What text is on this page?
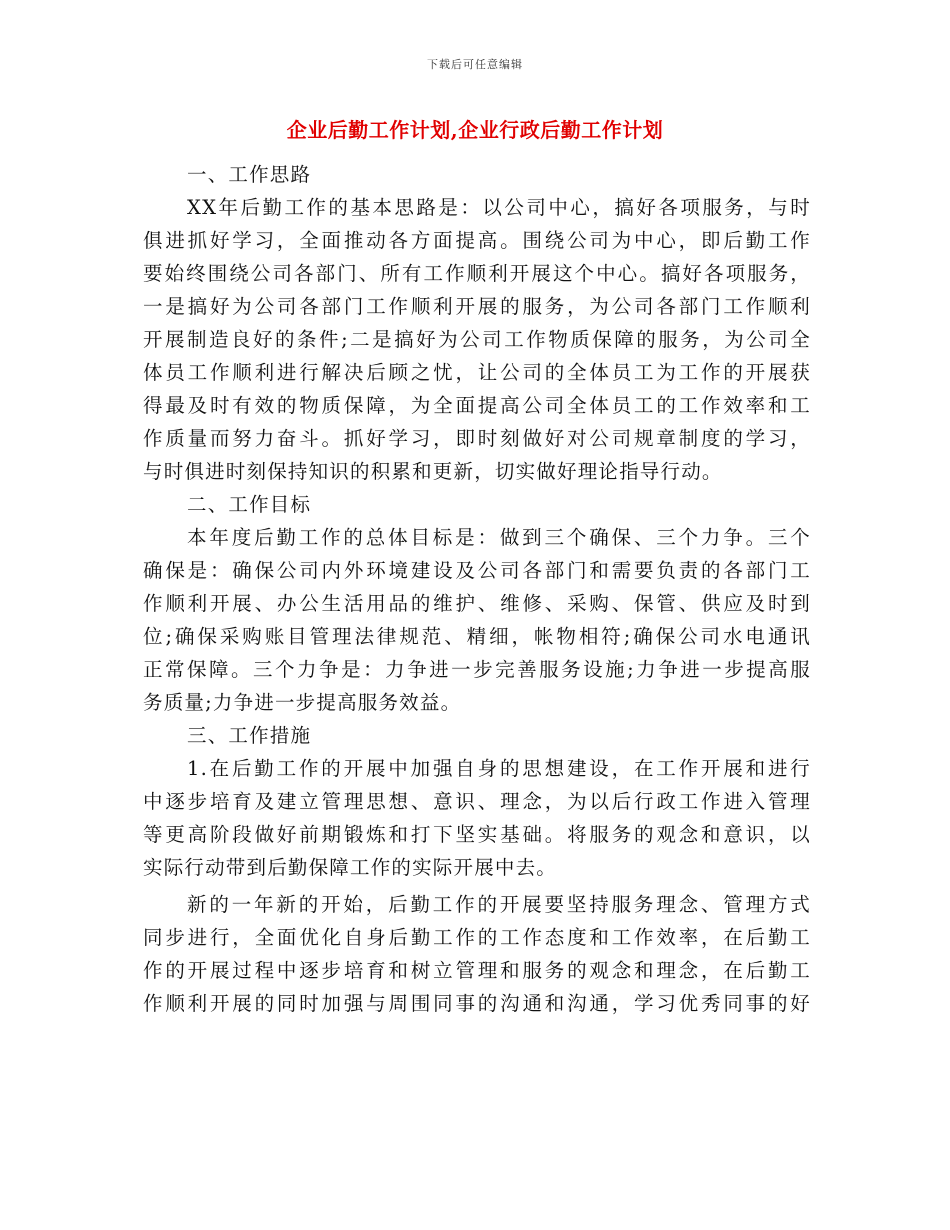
下载后可任意编辑
企业后勤工作计划,企业行政后勤工作计划
一、工作思路
XX年后勤工作的基本思路是：以公司中心，搞好各项服务，与时
俱进抓好学习，全面推动各方面提高。围绕公司为中心，即后勤工作
要始终围绕公司各部门、所有工作顺利开展这个中心。搞好各项服务，
一是搞好为公司各部门工作顺利开展的服务，为公司各部门工作顺利
开展制造良好的条件;二是搞好为公司工作物质保障的服务，为公司全
体员工作顺利进行解决后顾之忧，让公司的全体员工为工作的开展获
得最及时有效的物质保障，为全面提高公司全体员工的工作效率和工
作质量而努力奋斗。抓好学习，即时刻做好对公司规章制度的学习，
与时俱进时刻保持知识的积累和更新，切实做好理论指导行动。
二、工作目标
本年度后勤工作的总体目标是：做到三个确保、三个力争。三个
确保是：确保公司内外环境建设及公司各部门和需要负责的各部门工
作顺利开展、办公生活用品的维护、维修、采购、保管、供应及时到
位;确保采购账目管理法律规范、精细，帐物相符;确保公司水电通讯
正常保障。三个力争是：力争进一步完善服务设施;力争进一步提高服
务质量;力争进一步提高服务效益。
三、工作措施
1.在后勤工作的开展中加强自身的思想建设，在工作开展和进行
中逐步培育及建立管理思想、意识、理念，为以后行政工作进入管理
等更高阶段做好前期锻炼和打下坚实基础。将服务的观念和意识，以
实际行动带到后勤保障工作的实际开展中去。
新的一年新的开始，后勤工作的开展要坚持服务理念、管理方式
同步进行，全面优化自身后勤工作的工作态度和工作效率，在后勤工
作的开展过程中逐步培育和树立管理和服务的观念和理念，在后勤工
作顺利开展的同时加强与周围同事的沟通和沟通，学习优秀同事的好
